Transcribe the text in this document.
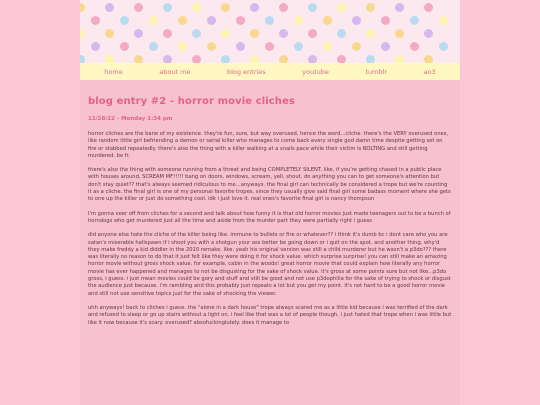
home	about me	blog entries	youtube	tumblr	ao3
blog entry #2 - horror movie cliches
11/28/22 - Monday 1:34 pm

horror cliches are the bane of my existence. they're fun, sure, but way overused, hence the word...cliche. there's the VERY overused ones, like random little girl befriending a demon or serial killer who manages to come back every single god damn time despite getting set on fire or stabbed repeatedly. there's also the thing with a killer walking at a snails pace while their victim is BOLTING and still getting murdered. be fr.

there's also the thing with someone running from a threat and being COMPLETELY SILENT. like, if you're getting chased in a public place with houses around, SCREAM MF!!!!! bang on doors, windows, scream, yell, shout, do anything you can to get someone's attention but don't stay quiet?? that's always seemed ridiculous to me...anyways. the final girl can technically be considered a trope but we're counting it as a cliche. the final girl is one of my personal favorite tropes, since they usually give said final girl some badass moment where she gets to one up the killer or just do something cool. idk i just love it. real ones's favorite final girl is nancy thompson

I'm gonna veer off from cliches for a second and talk about how funny it is that old horror movies just made teenagers out to be a bunch of horndogs who get murdered just all the time and aside from the murder part they were partially right i guess

did anyone else hate the cliche of the killer being like. immune to bullets or fire or whatever?? i think it's dumb bc i dont care who you are satan's miserable hellspawn if i shoot you with a shotgun your ass better be going down or i quit on the spot. and another thing. why'd they make freddy a kid diddler in the 2010 remake. like. yeah his original version was still a child murderer but he wasn't a p3do??? there was literally no reason to do that it just felt like they were doing it for shock value. which surprise surprise! you can still make an amazing horror movie without gross shock value. for example, cabin in the woods! great horror movie that could explain how literally any horror movie has ever happened and manages to not be disgusting for the sake of shock value. it's gross at some points sure but not like...p3do gross, i guess. i just mean movies could be gory and stuff and still be good and not use p3dophilia for the sake of trying to shock or disgust the audience just because. i'm rambling and this probably just repeats a lot but you get my point. it's not hard to be a good horror movie and still not use sensitive topics just for the sake of shocking the viewer.

uhh anyways! back to cliches i guess. the "alone in a dark house" trope always scared me as a little kid because i was terrified of the dark and refused to sleep or go up stairs without a light on. i feel like that was a lot of people though. i just hated that trope when i was little but like it now because it's scary. overused? absofuckinglutely. does it manage to
